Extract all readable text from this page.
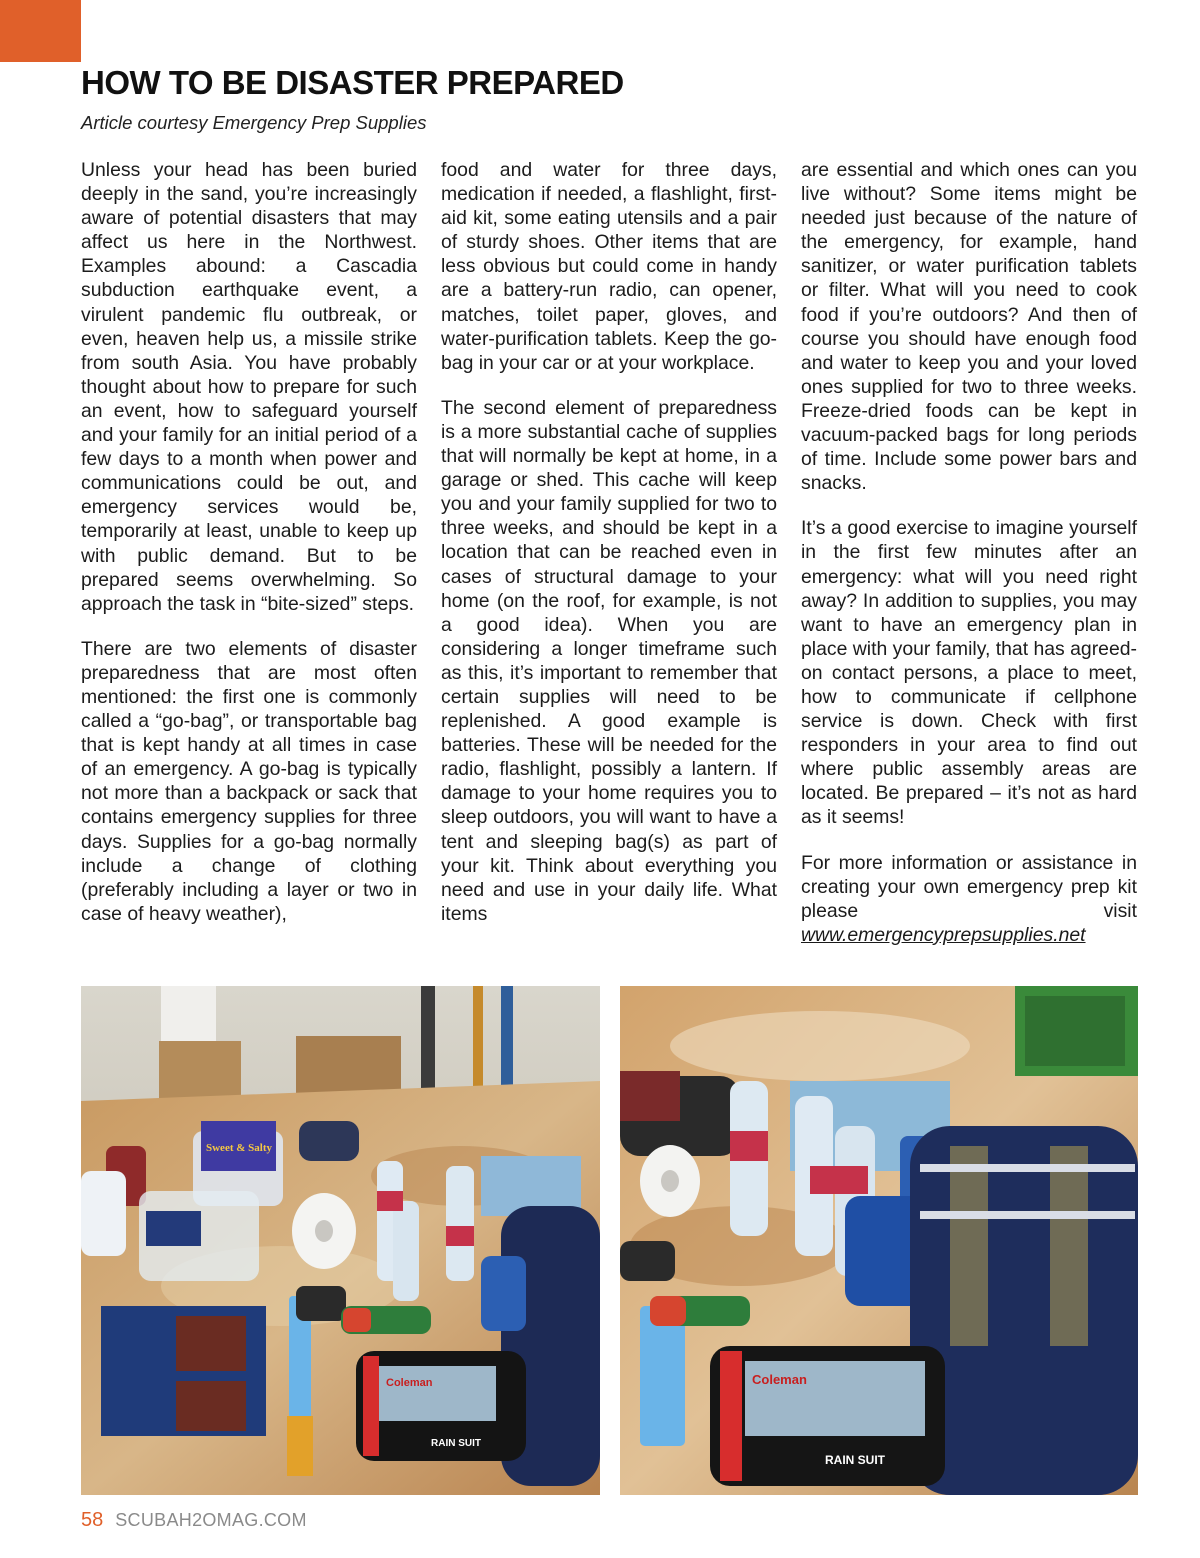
HOW TO BE DISASTER PREPARED
Article courtesy Emergency Prep Supplies

Unless your head has been buried deeply in the sand, you’re increasingly aware of potential disasters that may affect us here in the Northwest. Examples abound: a Cascadia subduction earthquake event, a virulent pandemic flu outbreak, or even, heaven help us, a missile strike from south Asia. You have probably thought about how to prepare for such an event, how to safeguard yourself and your family for an initial period of a few days to a month when power and communications could be out, and emergency services would be, temporarily at least, unable to keep up with public demand. But to be prepared seems overwhelming. So approach the task in “bite-sized” steps.

There are two elements of disaster preparedness that are most often mentioned: the first one is commonly called a “go-bag”, or transportable bag that is kept handy at all times in case of an emergency. A go-bag is typically not more than a backpack or sack that contains emergency supplies for three days. Supplies for a go-bag normally include a change of clothing (preferably including a layer or two in case of heavy weather),

food and water for three days, medication if needed, a flashlight, first-aid kit, some eating utensils and a pair of sturdy shoes. Other items that are less obvious but could come in handy are a battery-run radio, can opener, matches, toilet paper, gloves, and water-purification tablets. Keep the go-bag in your car or at your workplace.

The second element of preparedness is a more substantial cache of supplies that will normally be kept at home, in a garage or shed. This cache will keep you and your family supplied for two to three weeks, and should be kept in a location that can be reached even in cases of structural damage to your home (on the roof, for example, is not a good idea). When you are considering a longer timeframe such as this, it’s important to remember that certain supplies will need to be replenished. A good example is batteries. These will be needed for the radio, flashlight, possibly a lantern. If damage to your home requires you to sleep outdoors, you will want to have a tent and sleeping bag(s) as part of your kit. Think about everything you need and use in your daily life. What items

are essential and which ones can you live without? Some items might be needed just because of the nature of the emergency, for example, hand sanitizer, or water purification tablets or filter. What will you need to cook food if you’re outdoors? And then of course you should have enough food and water to keep you and your loved ones supplied for two to three weeks. Freeze-dried foods can be kept in vacuum-packed bags for long periods of time. Include some power bars and snacks.

It’s a good exercise to imagine yourself in the first few minutes after an emergency: what will you need right away? In addition to supplies, you may want to have an emergency plan in place with your family, that has agreed-on contact persons, a place to meet, how to communicate if cellphone service is down. Check with first responders in your area to find out where public assembly areas are located. Be prepared – it’s not as hard as it seems!

For more information or assistance in creating your own emergency prep kit please visit www.emergencyprepsupplies.net

Coleman
RAIN SUIT
Sweet & Salty
Coleman
RAIN SUIT
58 SCUBAH2OMAG.COM
